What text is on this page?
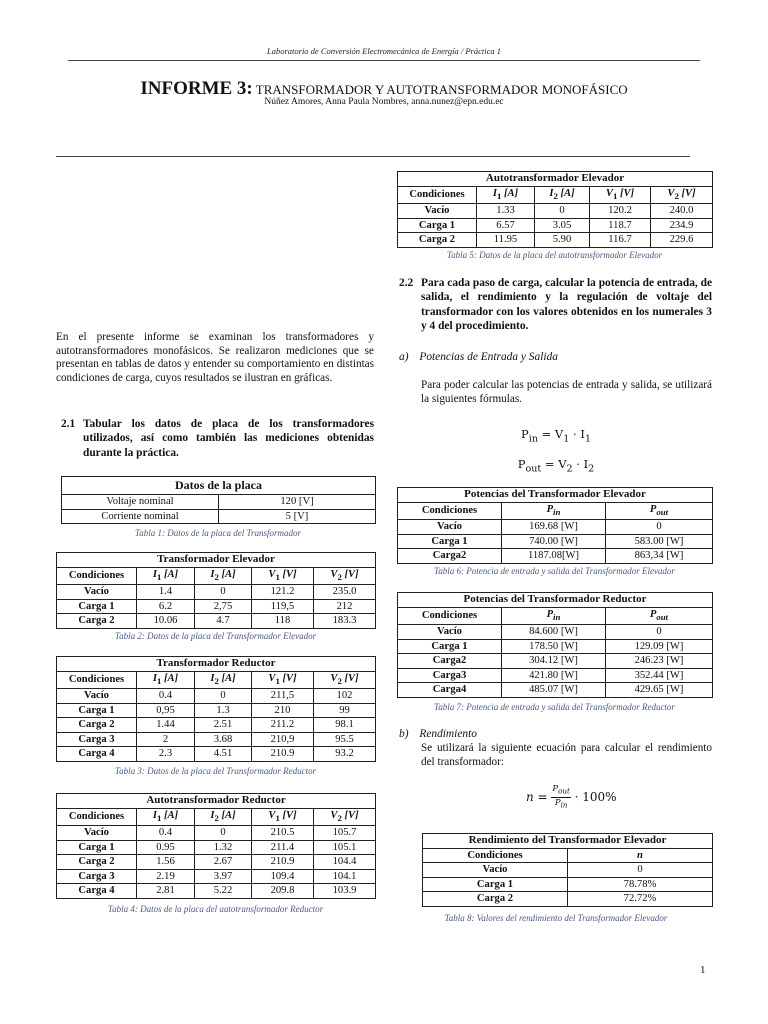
Laboratorio de Conversión Electromecánica de Energía / Práctica 1
INFORME 3: TRANSFORMADOR Y AUTOTRANSFORMADOR MONOFÁSICO
Núñez Amores, Anna Paula Nombres, anna.nunez@epn.edu.ec
En el presente informe se examinan los transformadores y autotransformadores monofásicos. Se realizaron mediciones que se presentan en tablas de datos y entender su comportamiento en distintas condiciones de carga, cuyos resultados se ilustran en gráficas.
2.1 Tabular los datos de placa de los transformadores utilizados, así como también las mediciones obtenidas durante la práctica.
Datos de la placa	
Voltaje nominal	120 [V]
Corriente nominal	5 [V]
Tabla 1: Datos de la placa del Transformador
Transformador Elevador				
Condiciones	$I_1$ [A]	$I_2$ [A]	$V_1$ [V]	$V_2$ [V]
Vacío	1.4	0	121.2	235.0
Carga 1	6.2	2,75	119,5	212
Carga 2	10.06	4.7	118	183.3
Tabla 2: Datos de la placa del Transformador Elevador
Transformador Reductor				
Condiciones	$I_1$ [A]	$I_2$ [A]	$V_1$ [V]	$V_2$ [V]
Vacío	0.4	0	211,5	102
Carga 1	0,95	1.3	210	99
Carga 2	1.44	2.51	211.2	98.1
Carga 3	2	3.68	210,9	95.5
Carga 4	2.3	4.51	210.9	93.2
Tabla 3: Datos de la placa del Transformador Reductor
Autotransformador Reductor				
Condiciones	$I_1$ [A]	$I_2$ [A]	$V_1$ [V]	$V_2$ [V]
Vacío	0.4	0	210.5	105.7
Carga 1	0.95	1.32	211.4	105.1
Carga 2	1.56	2.67	210.9	104.4
Carga 3	2.19	3.97	109.4	104.1
Carga 4	2.81	5.22	209.8	103.9
Tabla 4: Datos de la placa del autotransformador Reductor
Autotransformador Elevador				
Condiciones	$I_1$ [A]	$I_2$ [A]	$V_1$ [V]	$V_2$ [V]
Vacío	1.33	0	120.2	240.0
Carga 1	6.57	3.05	118.7	234.9
Carga 2	11.95	5.90	116.7	229.6
Tabla 5: Datos de la placa del autotransformador Elevador
2.2 Para cada paso de carga, calcular la potencia de entrada, de salida, el rendimiento y la regulación de voltaje del transformador con los valores obtenidos en los numerales 3 y 4 del procedimiento.
a) Potencias de Entrada y Salida
Para poder calcular las potencias de entrada y salida, se utilizará la siguientes fórmulas.
$P_{in} = V_1 \cdot I_1$
$P_{out} = V_2 \cdot I_2$
Potencias del Transformador Elevador		
Condiciones	$P_{in}$	$P_{out}$
Vacío	169.68 [W]	0
Carga 1	740.00 [W]	583.00 [W]
Carga2	1187.08[W]	863,34 [W]
Tabla 6: Potencia de entrada y salida del Transformador Elevador
Potencias del Transformador Reductor		
Condiciones	$P_{in}$	$P_{out}$
Vacío	84.600 [W]	0
Carga 1	178.50 [W]	129.09 [W]
Carga2	304.12 [W]	246.23 [W]
Carga3	421.80 [W]	352.44 [W]
Carga4	485.07 [W]	429.65 [W]
Tabla 7: Potencia de entrada y salida del Transformador Reductor
b) Rendimiento
Se utilizará la siguiente ecuación para calcular el rendimiento del transformador:
n =
$P_{out}$
$P_{in}$
· 100%
Rendimiento del Transformador Elevador	
Condiciones	n
Vacío	0
Carga 1	78.78%
Carga 2	72.72%
Tabla 8: Valores del rendimiento del Transformador Elevador
1
